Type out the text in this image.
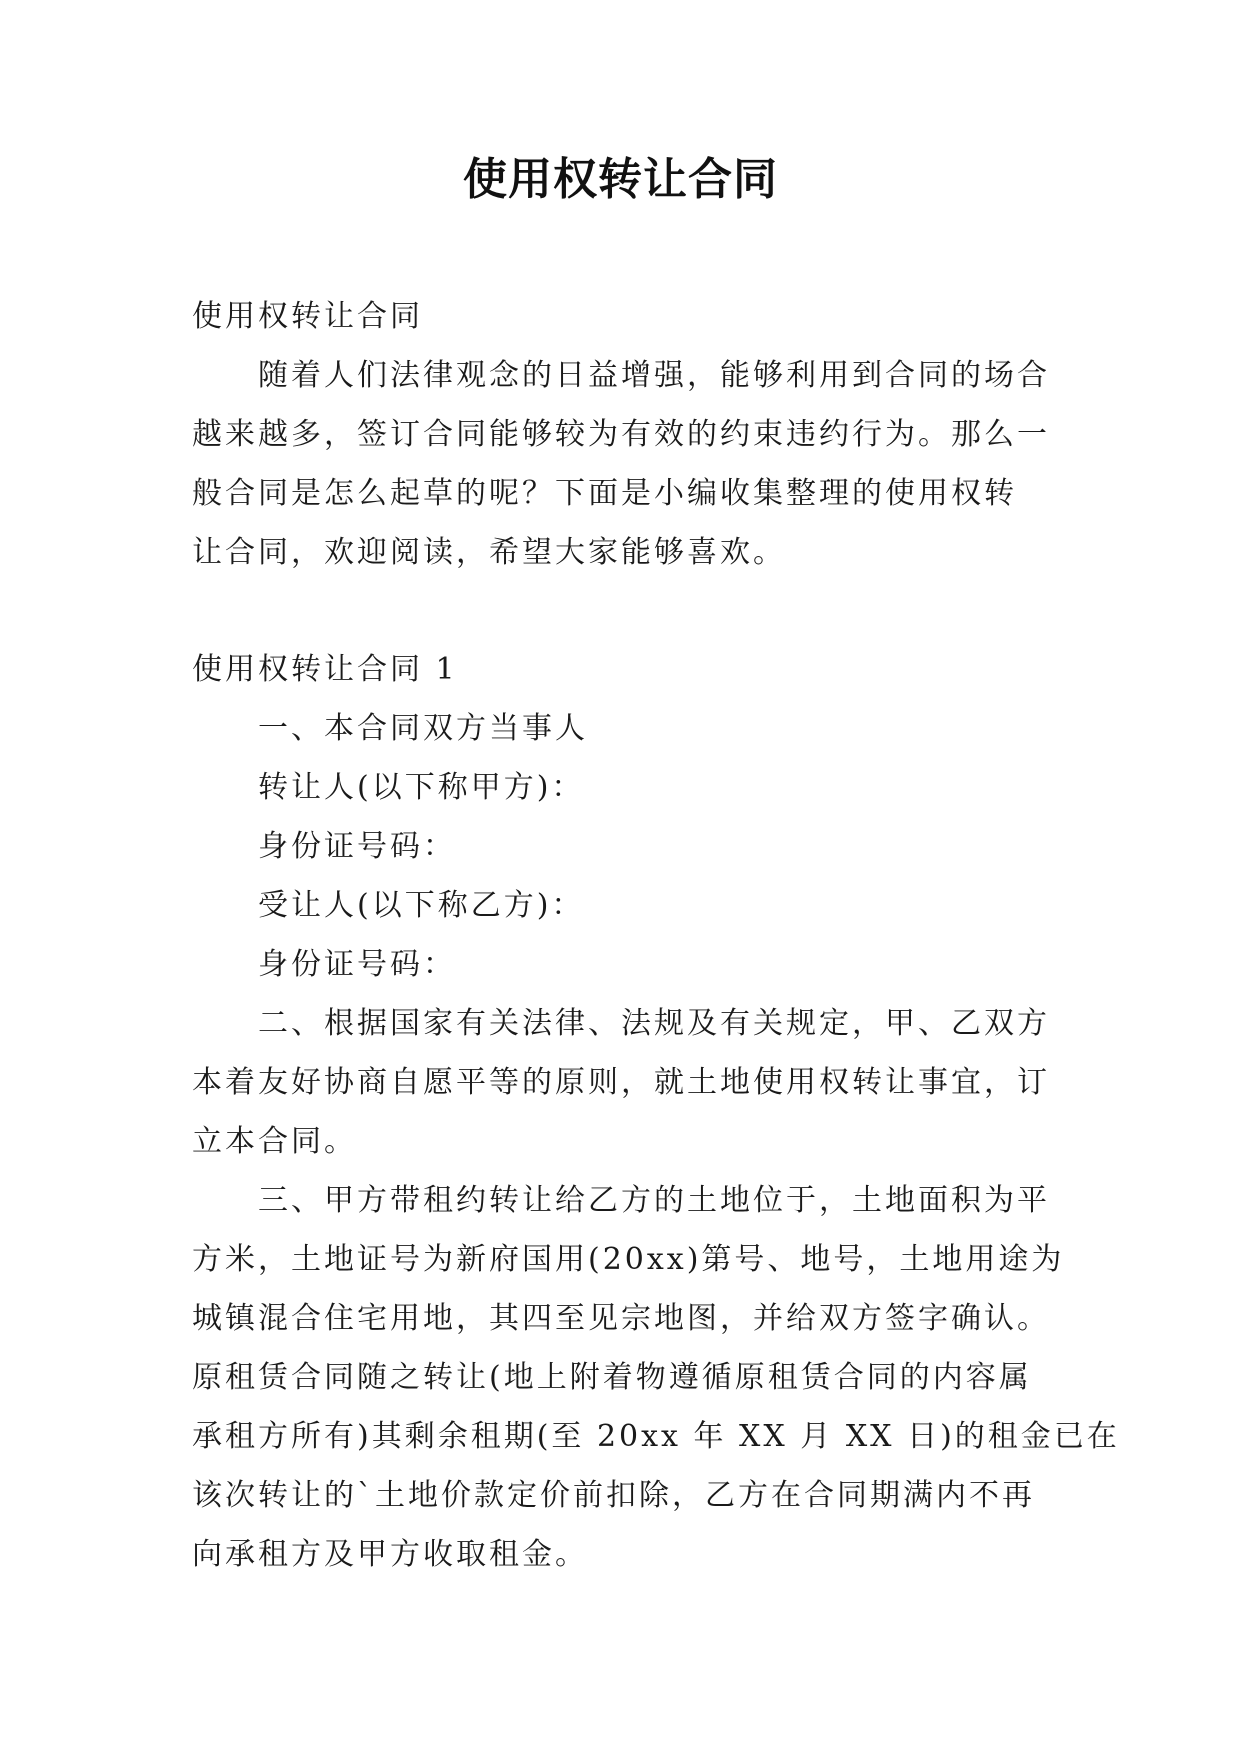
使用权转让合同
使用权转让合同
随着人们法律观念的日益增强，能够利用到合同的场合
越来越多，签订合同能够较为有效的约束违约行为。那么一
般合同是怎么起草的呢？下面是小编收集整理的使用权转
让合同，欢迎阅读，希望大家能够喜欢。
使用权转让合同 1
一、本合同双方当事人
转让人(以下称甲方)：
身份证号码：
受让人(以下称乙方)：
身份证号码：
二、根据国家有关法律、法规及有关规定，甲、乙双方
本着友好协商自愿平等的原则，就土地使用权转让事宜，订
立本合同。
三、甲方带租约转让给乙方的土地位于，土地面积为平
方米，土地证号为新府国用(20xx)第号、地号，土地用途为
城镇混合住宅用地，其四至见宗地图，并给双方签字确认。
原租赁合同随之转让(地上附着物遵循原租赁合同的内容属
承租方所有)其剩余租期(至 20xx 年 XX 月 XX 日)的租金已在
该次转让的`土地价款定价前扣除，乙方在合同期满内不再
向承租方及甲方收取租金。
